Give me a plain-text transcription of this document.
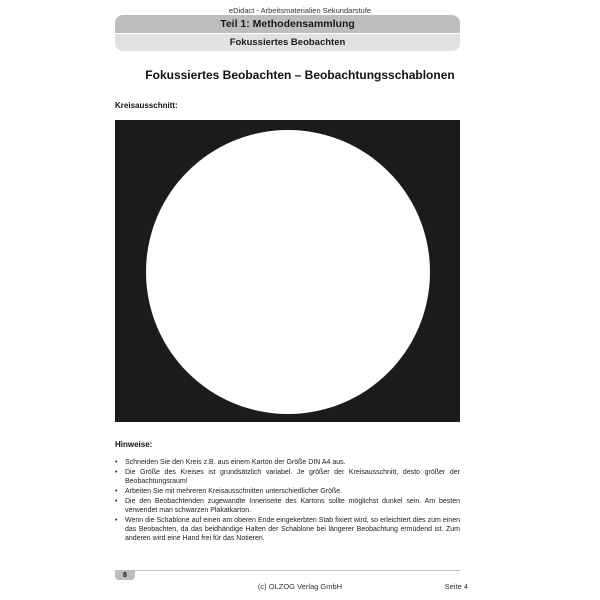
eDidact - Arbeitsmaterialien Sekundarstufe
Teil 1: Methodensammlung
Fokussiertes Beobachten
Fokussiertes Beobachten – Beobachtungsschablonen
Kreisausschnitt:
Hinweise:
• Schneiden Sie den Kreis z.B. aus einem Karton der Größe DIN A4 aus.
• Die Größe des Kreises ist grundsätzlich variabel. Je größer der Kreisausschnitt, desto größer der Beobachtungsraum!
• Arbeiten Sie mit mehreren Kreisausschnitten unterschiedlicher Größe.
• Die den Beobachtenden zugewandte Innenseite des Kartons sollte möglichst dunkel sein. Am besten verwendet man schwarzen Plakatkarton.
• Wenn die Schablone auf einen am oberen Ende eingekerbten Stab fixiert wird, so erleichtert dies zum einen das Beobachten, da das beidhändige Halten der Schablone bei längerer Beobachtung ermüdend ist. Zum anderen wird eine Hand frei für das Notieren.
8
(c) OLZOG Verlag GmbH	Seite 4
